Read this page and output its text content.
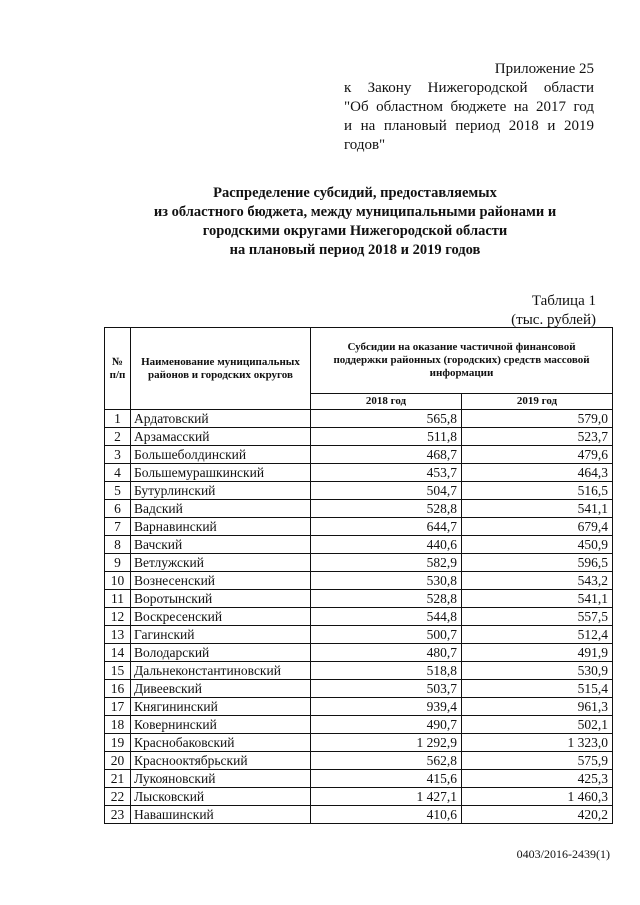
Приложение 25
к Закону Нижегородской области
"Об областном бюджете на 2017 год
и на плановый период 2018 и 2019
годов"
Распределение субсидий, предоставляемых
из областного бюджета, между муниципальными районами и
городскими округами Нижегородской области
на плановый период 2018 и 2019 годов
Таблица 1
(тыс. рублей)
№ п/п	Наименование муниципальных районов и городских округов	Субсидии на оказание частичной финансовой поддержки районных (городских) средств массовой информации	
		2018 год	2019 год
1	Ардатовский	565,8	579,0
2	Арзамасский	511,8	523,7
3	Большеболдинский	468,7	479,6
4	Большемурашкинский	453,7	464,3
5	Бутурлинский	504,7	516,5
6	Вадский	528,8	541,1
7	Варнавинский	644,7	679,4
8	Вачский	440,6	450,9
9	Ветлужский	582,9	596,5
10	Вознесенский	530,8	543,2
11	Воротынский	528,8	541,1
12	Воскресенский	544,8	557,5
13	Гагинский	500,7	512,4
14	Володарский	480,7	491,9
15	Дальнеконстантиновский	518,8	530,9
16	Дивеевский	503,7	515,4
17	Княгининский	939,4	961,3
18	Ковернинский	490,7	502,1
19	Краснобаковский	1 292,9	1 323,0
20	Краснооктябрьский	562,8	575,9
21	Лукояновский	415,6	425,3
22	Лысковский	1 427,1	1 460,3
23	Навашинский	410,6	420,2
0403/2016-2439(1)
